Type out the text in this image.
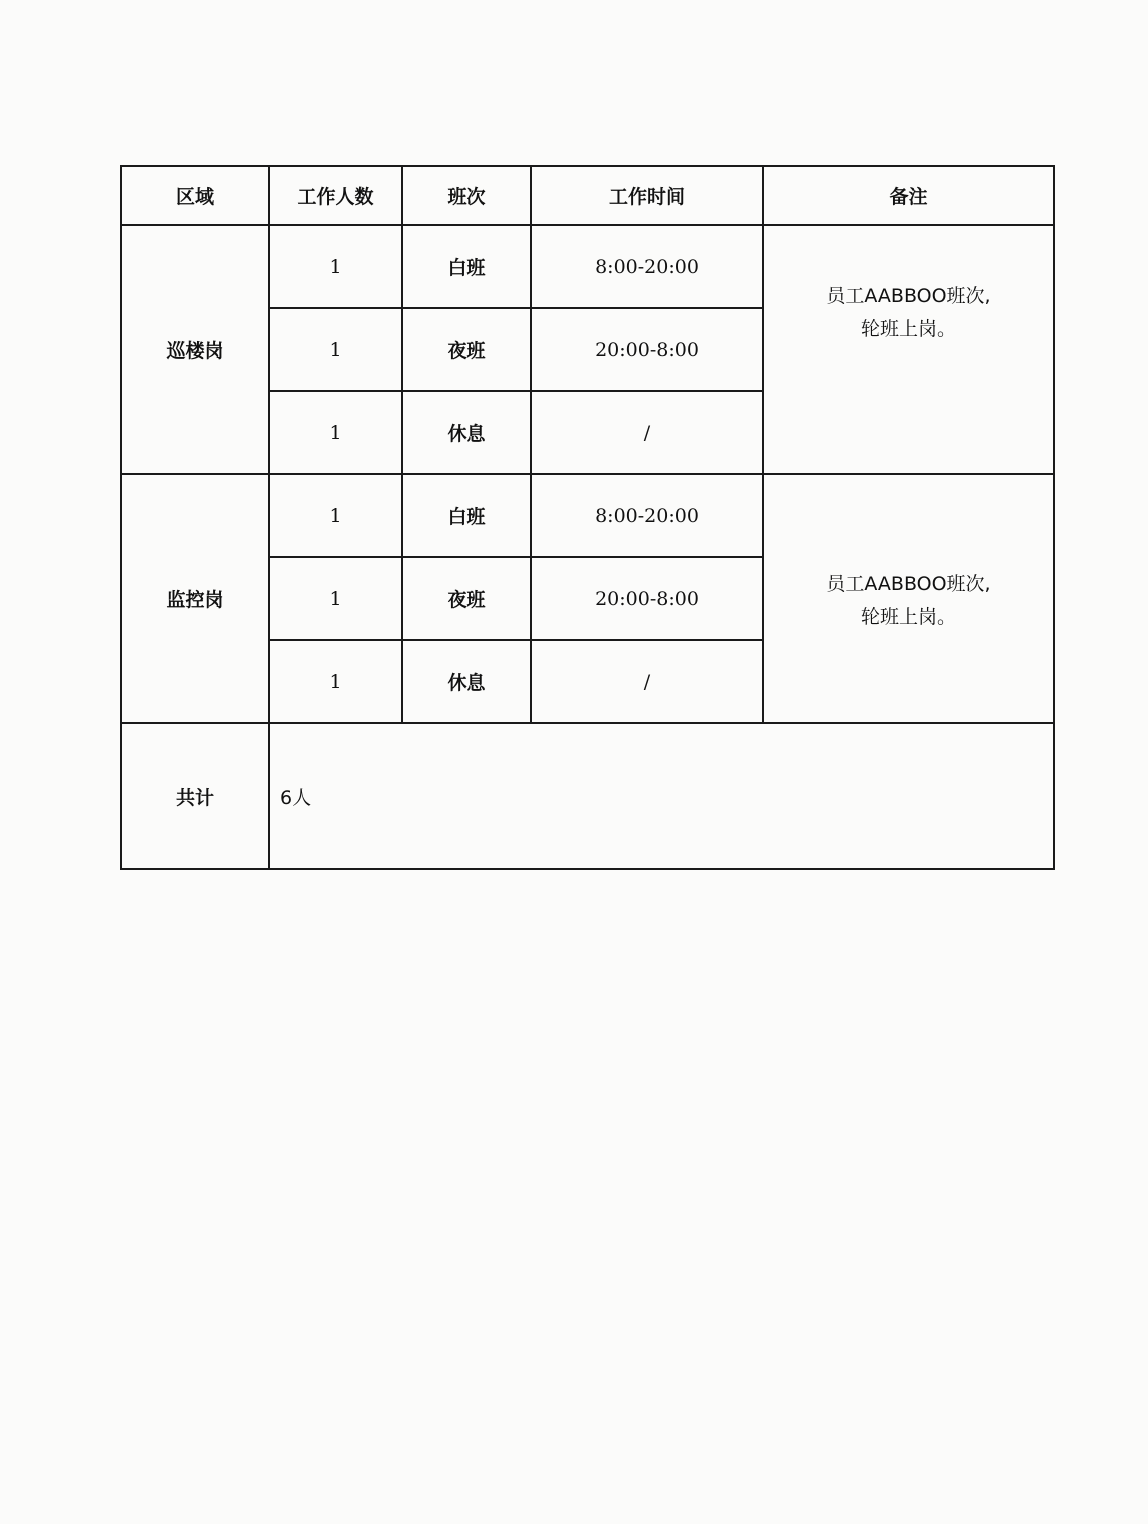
区域	工作人数	班次	工作时间	备注
巡楼岗	1	白班	8:00-20:00	员工AABBOO班次,
轮班上岗。

	1	夜班	20:00-8:00	
	1	休息	/	
监控岗	1	白班	8:00-20:00	员工AABBOO班次,
轮班上岗。

	1	夜班	20:00-8:00	
	1	休息	/	
共计	6人			
